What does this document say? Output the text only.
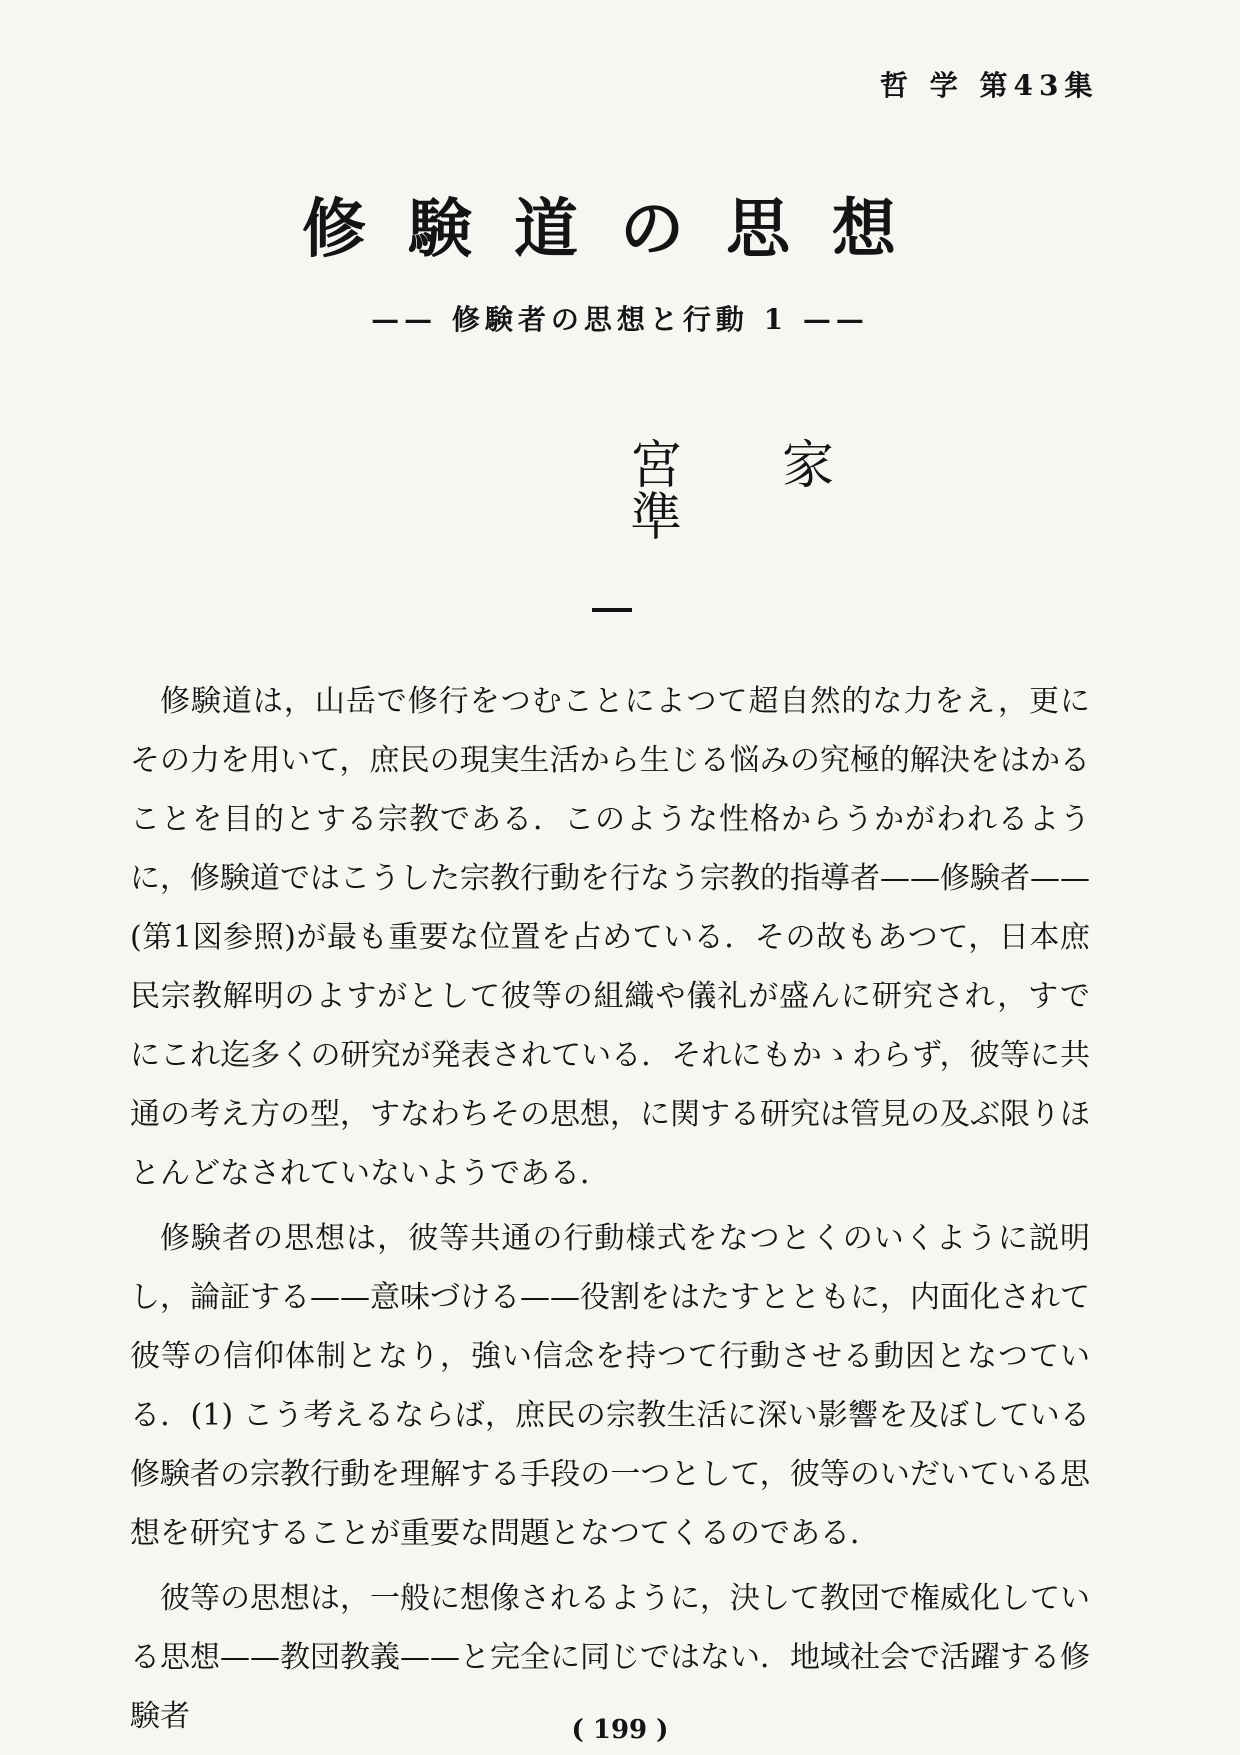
哲 学 第43集
修験道の思想
—— 修験者の思想と行動 1 ——
宮家 準

修験道は，山岳で修行をつむことによつて超自然的な力をえ，更にその力を用いて，庶民の現実生活から生じる悩みの究極的解決をはかることを目的とする宗教である．このような性格からうかがわれるように，修験道ではこうした宗教行動を行なう宗教的指導者——修験者——(第1図参照)が最も重要な位置を占めている．その故もあつて，日本庶民宗教解明のよすがとして彼等の組織や儀礼が盛んに研究され，すでにこれ迄多くの研究が発表されている．それにもかゝわらず，彼等に共通の考え方の型，すなわちその思想，に関する研究は管見の及ぶ限りほとんどなされていないようである．

修験者の思想は，彼等共通の行動様式をなつとくのいくように説明し，論証する——意味づける——役割をはたすとともに，内面化されて彼等の信仰体制となり，強い信念を持つて行動させる動因となつている．(1) こう考えるならば，庶民の宗教生活に深い影響を及ぼしている修験者の宗教行動を理解する手段の一つとして，彼等のいだいている思想を研究することが重要な問題となつてくるのである．

彼等の思想は，一般に想像されるように，決して教団で権威化している思想——教団教義——と完全に同じではない．地域社会で活躍する修験者	( 199 )
